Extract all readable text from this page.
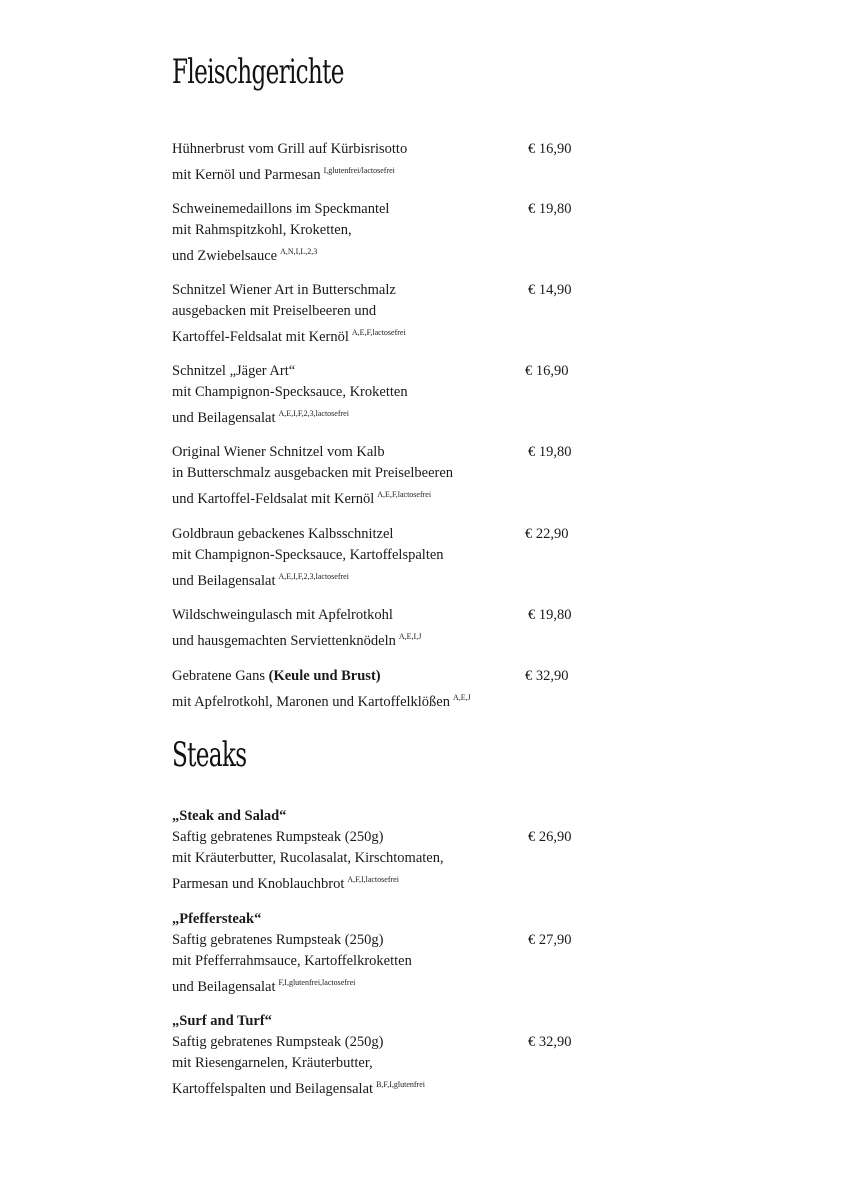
Fleischgerichte
Hühnerbrust vom Grill auf Kürbisrisotto
mit Kernöl und Parmesan $^{I,glutenfrei/lactosefrei}$
€ 16,90
Schweinemedaillons im Speckmantel
mit Rahmspitzkohl, Kroketten,
und Zwiebelsauce $^{A,N,I,L,2,3}$
€ 19,80
Schnitzel Wiener Art in Butterschmalz
ausgebacken mit Preiselbeeren und
Kartoffel-Feldsalat mit Kernöl $^{A,E,F,lactosefrei}$
€ 14,90
Schnitzel „Jäger Art“
mit Champignon-Specksauce, Kroketten
und Beilagensalat $^{A,E,I,F,2,3,lactosefrei}$
€ 16,90
Original Wiener Schnitzel vom Kalb
in Butterschmalz ausgebacken mit Preiselbeeren
und Kartoffel-Feldsalat mit Kernöl $^{A,E,F,lactosefrei}$
€ 19,80
Goldbraun gebackenes Kalbsschnitzel
mit Champignon-Specksauce, Kartoffelspalten
und Beilagensalat $^{A,E,I,F,2,3,lactosefrei}$
€ 22,90
Wildschweingulasch mit Apfelrotkohl
und hausgemachten Serviettenknödeln $^{A,E,I,J}$
€ 19,80
Gebratene Gans (Keule und Brust)
mit Apfelrotkohl, Maronen und Kartoffelklößen $^{A,E,J}$
€ 32,90
Steaks
„Steak and Salad“
Saftig gebratenes Rumpsteak (250g)
mit Kräuterbutter, Rucolasalat, Kirschtomaten,
Parmesan und Knoblauchbrot $^{A,F,I,lactosefrei}$
€ 26,90
„Pfeffersteak“
Saftig gebratenes Rumpsteak (250g)
mit Pfefferrahmsauce, Kartoffelkroketten
und Beilagensalat $^{F,I,glutenfrei,lactosefrei}$
€ 27,90
„Surf and Turf“
Saftig gebratenes Rumpsteak (250g)
mit Riesengarnelen, Kräuterbutter,
Kartoffelspalten und Beilagensalat $^{B,F,I,glutenfrei}$
€ 32,90
